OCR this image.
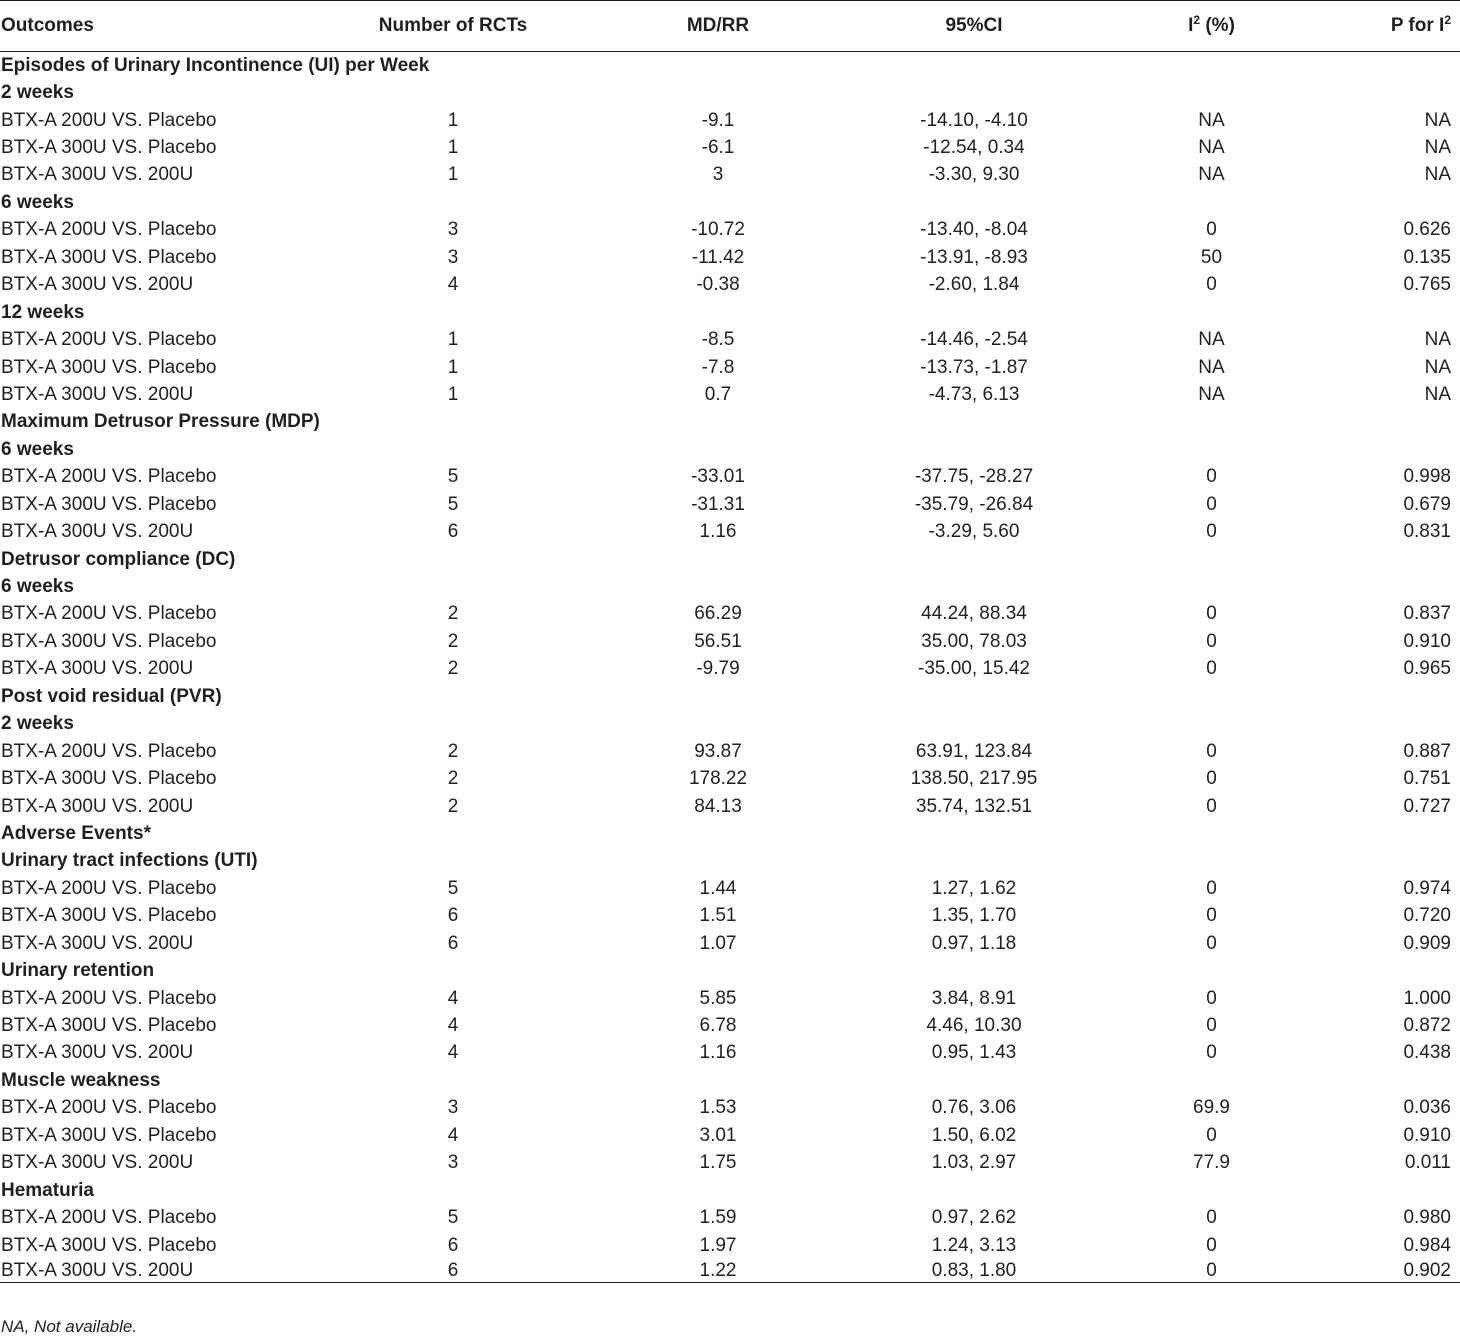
Outcomes	Number of RCTs	MD/RR	95%CI	$I^2$ (%)	P for $I^2$
Episodes of Urinary Incontinence (UI) per Week					
2 weeks					
BTX-A 200U VS. Placebo	1	-9.1	-14.10, -4.10	NA	NA
BTX-A 300U VS. Placebo	1	-6.1	-12.54, 0.34	NA	NA
BTX-A 300U VS. 200U	1	3	-3.30, 9.30	NA	NA
6 weeks					
BTX-A 200U VS. Placebo	3	-10.72	-13.40, -8.04	0	0.626
BTX-A 300U VS. Placebo	3	-11.42	-13.91, -8.93	50	0.135
BTX-A 300U VS. 200U	4	-0.38	-2.60, 1.84	0	0.765
12 weeks					
BTX-A 200U VS. Placebo	1	-8.5	-14.46, -2.54	NA	NA
BTX-A 300U VS. Placebo	1	-7.8	-13.73, -1.87	NA	NA
BTX-A 300U VS. 200U	1	0.7	-4.73, 6.13	NA	NA
Maximum Detrusor Pressure (MDP)					
6 weeks					
BTX-A 200U VS. Placebo	5	-33.01	-37.75, -28.27	0	0.998
BTX-A 300U VS. Placebo	5	-31.31	-35.79, -26.84	0	0.679
BTX-A 300U VS. 200U	6	1.16	-3.29, 5.60	0	0.831
Detrusor compliance (DC)					
6 weeks					
BTX-A 200U VS. Placebo	2	66.29	44.24, 88.34	0	0.837
BTX-A 300U VS. Placebo	2	56.51	35.00, 78.03	0	0.910
BTX-A 300U VS. 200U	2	-9.79	-35.00, 15.42	0	0.965
Post void residual (PVR)					
2 weeks					
BTX-A 200U VS. Placebo	2	93.87	63.91, 123.84	0	0.887
BTX-A 300U VS. Placebo	2	178.22	138.50, 217.95	0	0.751
BTX-A 300U VS. 200U	2	84.13	35.74, 132.51	0	0.727
Adverse Events*					
Urinary tract infections (UTI)					
BTX-A 200U VS. Placebo	5	1.44	1.27, 1.62	0	0.974
BTX-A 300U VS. Placebo	6	1.51	1.35, 1.70	0	0.720
BTX-A 300U VS. 200U	6	1.07	0.97, 1.18	0	0.909
Urinary retention					
BTX-A 200U VS. Placebo	4	5.85	3.84, 8.91	0	1.000
BTX-A 300U VS. Placebo	4	6.78	4.46, 10.30	0	0.872
BTX-A 300U VS. 200U	4	1.16	0.95, 1.43	0	0.438
Muscle weakness					
BTX-A 200U VS. Placebo	3	1.53	0.76, 3.06	69.9	0.036
BTX-A 300U VS. Placebo	4	3.01	1.50, 6.02	0	0.910
BTX-A 300U VS. 200U	3	1.75	1.03, 2.97	77.9	0.011
Hematuria					
BTX-A 200U VS. Placebo	5	1.59	0.97, 2.62	0	0.980
BTX-A 300U VS. Placebo	6	1.97	1.24, 3.13	0	0.984
BTX-A 300U VS. 200U	6	1.22	0.83, 1.80	0	0.902
NA, Not available.
